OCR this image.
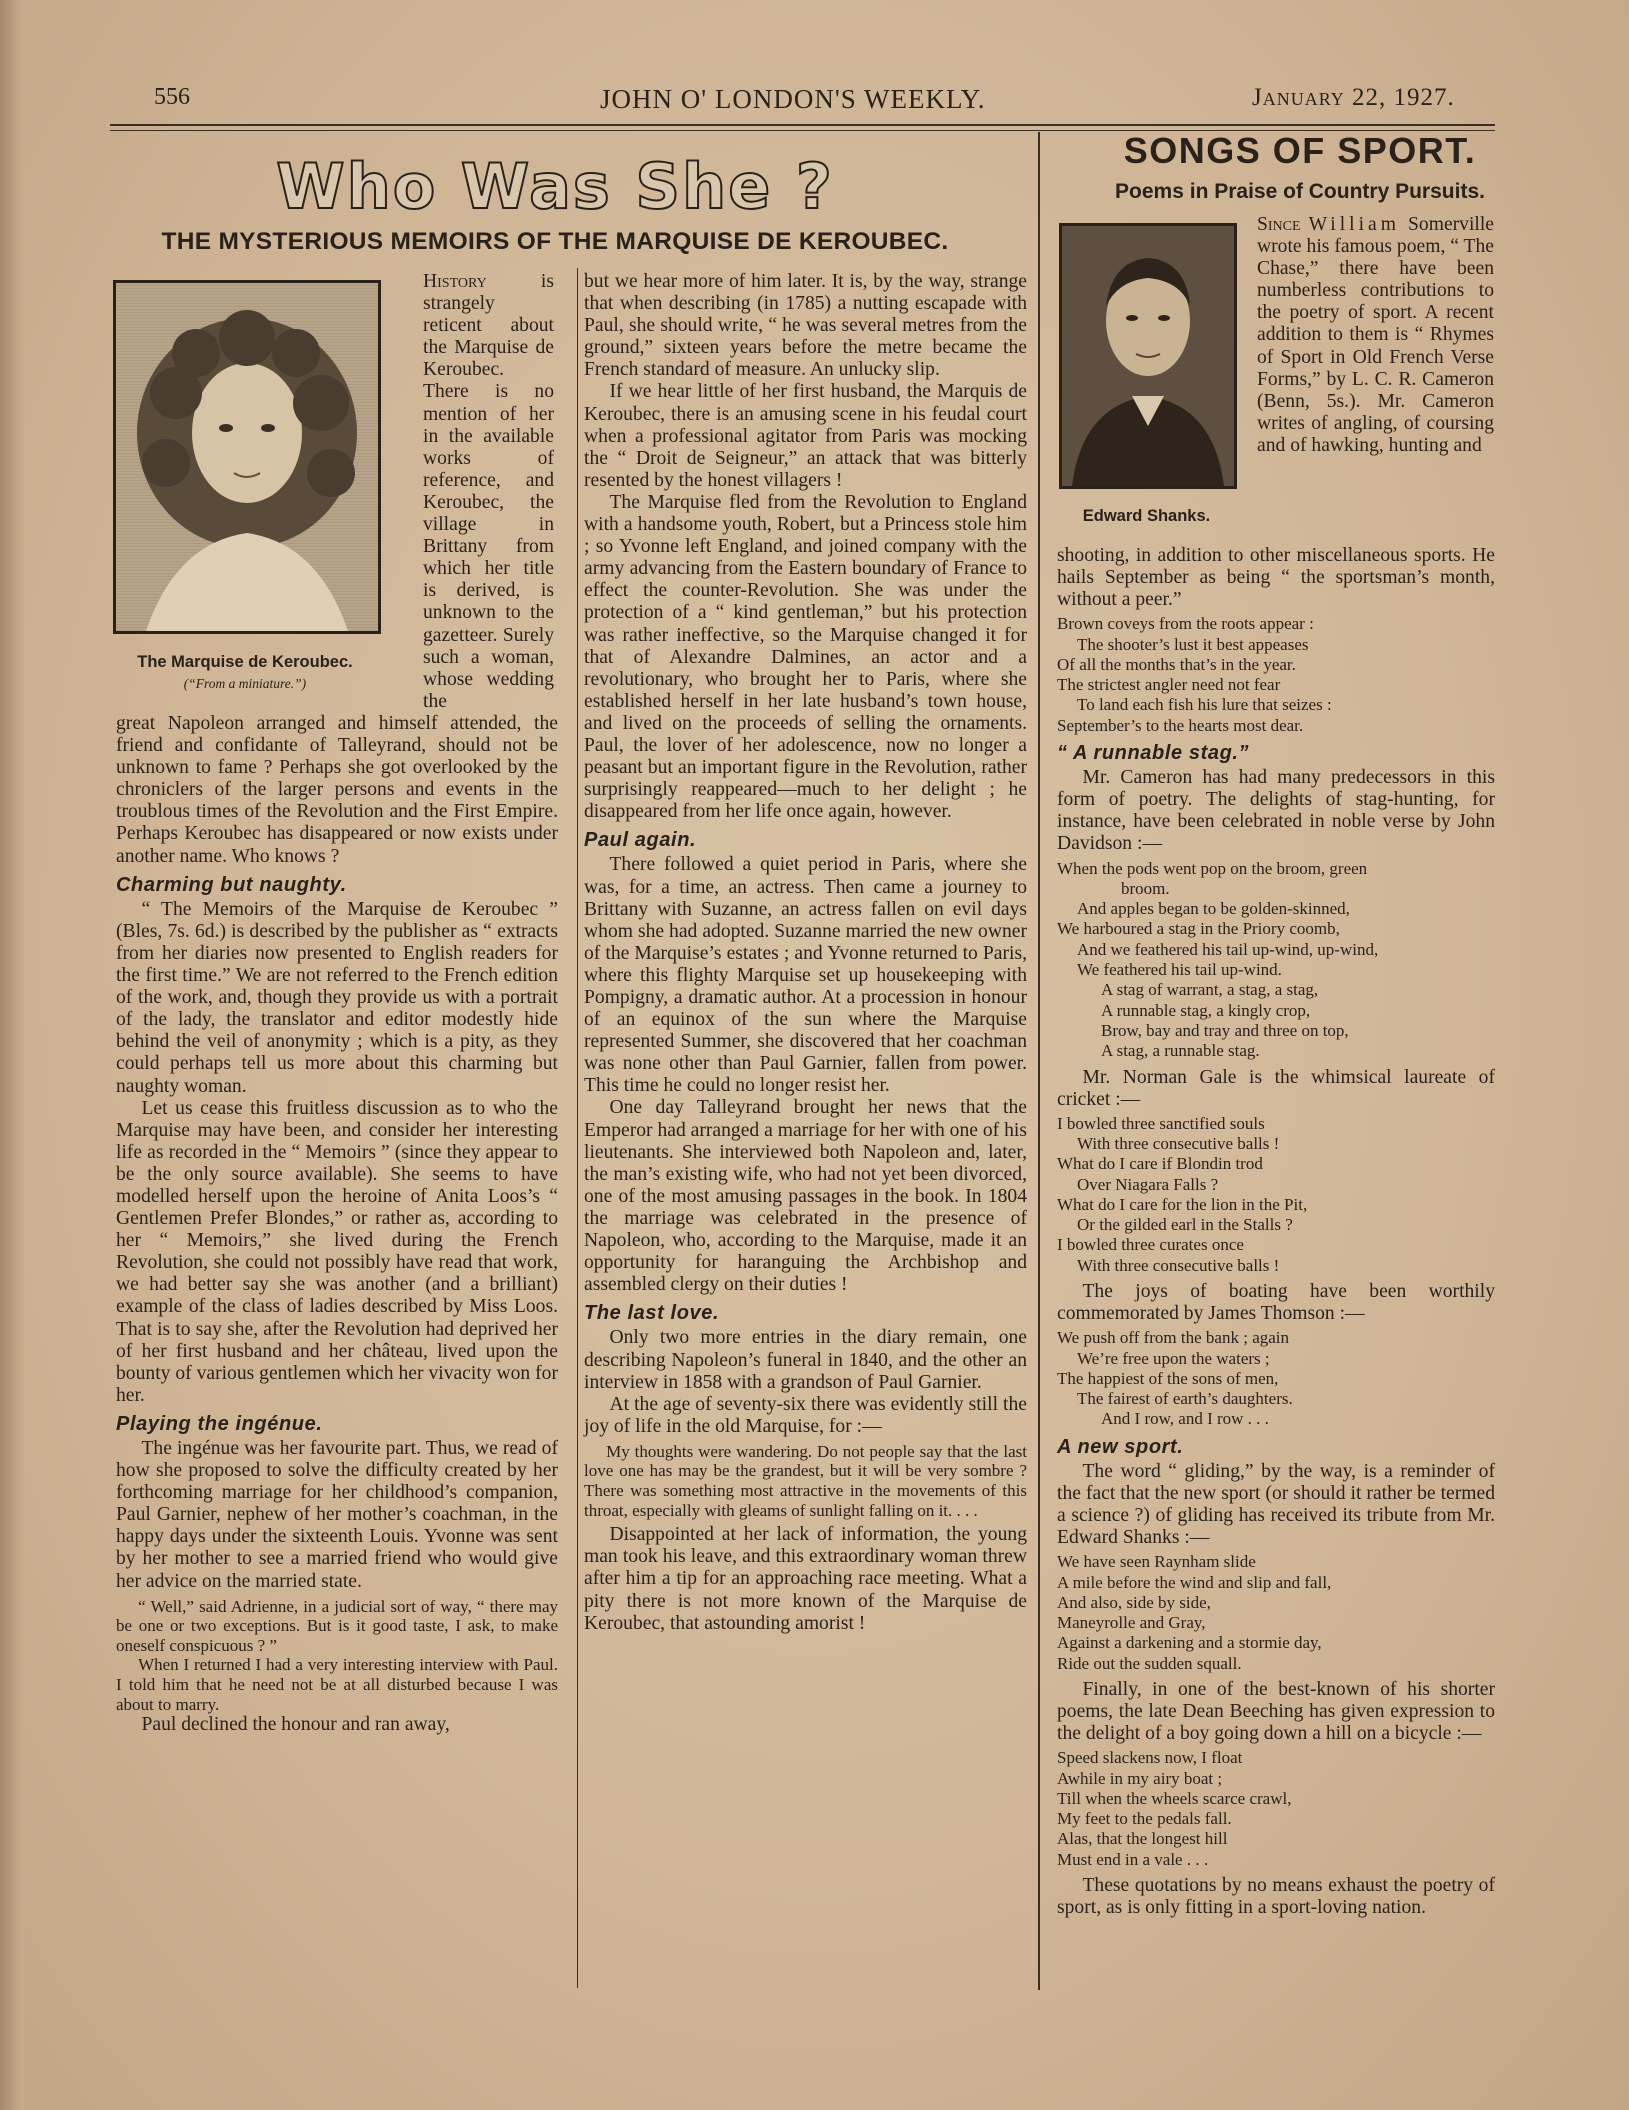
556	JOHN O' LONDON'S WEEKLY.	January 22, 1927.
Who Was She ?
THE MYSTERIOUS MEMOIRS OF THE MARQUISE DE KEROUBEC.
The Marquise de Keroubec.
(“From a miniature.”)

History	is strangely reticent about the Marquise de Keroubec. There is no mention of her in the available works of reference, and Keroubec, the village in Brittany from which her title is derived, is unknown to the gazetteer. Surely such a woman, whose wedding the

great Napoleon arranged and himself attended, the friend and confidante of Talleyrand, should not be unknown to fame ? Perhaps she got overlooked by the chroniclers of the larger persons and events in the troublous times of the Revolution and the First Empire. Perhaps Keroubec has disappeared or now exists under another name. Who knows ?

Charming but naughty.

“ The Memoirs of the Marquise de Keroubec ” (Bles, 7s. 6d.) is described by the publisher as “ extracts from her diaries now presented to English readers for the first time.” We are not referred to the French edition of the work, and, though they provide us with a portrait of the lady, the translator and editor modestly hide behind the veil of anonymity ; which is a pity, as they could perhaps tell us more about this charming but naughty woman.

Let us cease this fruitless discussion as to who the Marquise may have been, and consider her interesting life as recorded in the “ Memoirs ” (since they appear to be the only source available). She seems to have modelled herself upon the heroine of Anita Loos’s “ Gentlemen Prefer Blondes,” or rather as, according to her “ Memoirs,” she lived during the French Revolution, she could not possibly have read that work, we had better say she was another (and a brilliant) example of the class of ladies described by Miss Loos. That is to say she, after the Revolution had deprived her of her first husband and her château, lived upon the bounty of various gentlemen which her vivacity won for her.

Playing the ingénue.

The ingénue was her favourite part. Thus, we read of how she proposed to solve the difficulty created by her forthcoming marriage for her childhood’s companion, Paul Garnier, nephew of her mother’s coachman, in the happy days under the sixteenth Louis. Yvonne was sent by her mother to see a married friend who would give her advice on the married state.

“ Well,” said Adrienne, in a judicial sort of way, “ there may be one or two exceptions. But is it good taste, I ask, to make oneself conspicuous ? ”

When I returned I had a very interesting interview with Paul. I told him that he need not be at all disturbed because I was about to marry.

Paul declined the honour and ran away,

but we hear more of him later. It is, by the way, strange that when describing (in 1785) a nutting escapade with Paul, she should write, “ he was several metres from the ground,” sixteen years before the metre became the French standard of measure. An unlucky slip.

If we hear little of her first husband, the Marquis de Keroubec, there is an amusing scene in his feudal court when a professional agitator from Paris was mocking the “ Droit de Seigneur,” an attack that was bitterly resented by the honest villagers !

The Marquise fled from the Revolution to England with a handsome youth, Robert, but a Princess stole him ; so Yvonne left England, and joined company with the army advancing from the Eastern boundary of France to effect the counter-Revolution. She was under the protection of a “ kind gentleman,” but his protection was rather ineffective, so the Marquise changed it for that of Alexandre Dalmines, an actor and a revolutionary, who brought her to Paris, where she established herself in her late husband’s town house, and lived on the proceeds of selling the ornaments. Paul, the lover of her adolescence, now no longer a peasant but an important figure in the Revolution, rather surprisingly reappeared—much to her delight ; he disappeared from her life once again, however.

Paul again.

There followed a quiet period in Paris, where she was, for a time, an actress. Then came a journey to Brittany with Suzanne, an actress fallen on evil days whom she had adopted. Suzanne married the new owner of the Marquise’s estates ; and Yvonne returned to Paris, where this flighty Marquise set up housekeeping with Pompigny, a dramatic author. At a procession in honour of an equinox of the sun where the Marquise represented Summer, she discovered that her coachman was none other than Paul Garnier, fallen from power. This time he could no longer resist her.

One day Talleyrand brought her news that the Emperor had arranged a marriage for her with one of his lieutenants. She interviewed both Napoleon and, later, the man’s existing wife, who had not yet been divorced, one of the most amusing passages in the book. In 1804 the marriage was celebrated in the presence of Napoleon, who, according to the Marquise, made it an opportunity for haranguing the Archbishop and assembled clergy on their duties !

The last love.

Only two more entries in the diary remain, one describing Napoleon’s funeral in 1840, and the other an interview in 1858 with a grandson of Paul Garnier.

At the age of seventy-six there was evidently still the joy of life in the old Marquise, for :—

My thoughts were wandering. Do not people say that the last love one has may be the grandest, but it will be very sombre ? There was something most attractive in the movements of this throat, especially with gleams of sunlight falling on it. . . .

Disappointed at her lack of information, the young man took his leave, and this extraordinary woman threw after him a tip for an approaching race meeting. What a pity there is not more known of the Marquise de Keroubec, that astounding amorist !

SONGS OF SPORT.
Poems in Praise of Country Pursuits.
Edward Shanks.

Since William Somerville wrote his famous poem, “ The Chase,” there have been numberless contributions to the poetry of sport. A recent addition to them is “ Rhymes of Sport in Old French Verse Forms,” by L. C. R. Cameron (Benn, 5s.). Mr. Cameron writes of angling, of coursing and of hawking, hunting and

shooting, in addition to other miscellaneous sports. He hails September as being “ the sportsman’s month, without a peer.”

Brown coveys from the roots appear :
The shooter’s lust it best appeases
Of all the months that’s in the year.
The strictest angler need not fear
To land each fish his lure that seizes :
September’s to the hearts most dear.
“ A runnable stag.”

Mr. Cameron has had many predecessors in this form of poetry. The delights of stag-hunting, for instance, have been celebrated in noble verse by John Davidson :—

When the pods went pop on the broom, green
broom.
And apples began to be golden-skinned,
We harboured a stag in the Priory coomb,
And we feathered his tail up-wind, up-wind,
We feathered his tail up-wind.
A stag of warrant, a stag, a stag,
A runnable stag, a kingly crop,
Brow, bay and tray and three on top,
A stag, a runnable stag.

Mr. Norman Gale is the whimsical laureate of cricket :—

I bowled three sanctified souls
With three consecutive balls !
What do I care if Blondin trod
Over Niagara Falls ?
What do I care for the lion in the Pit,
Or the gilded earl in the Stalls ?
I bowled three curates once
With three consecutive balls !

The joys of boating have been worthily commemorated by James Thomson :—

We push off from the bank ; again
We’re free upon the waters ;
The happiest of the sons of men,
The fairest of earth’s daughters.
And I row, and I row . . .
A new sport.

The word “ gliding,” by the way, is a reminder of the fact that the new sport (or should it rather be termed a science ?) of gliding has received its tribute from Mr. Edward Shanks :—

We have seen Raynham slide
A mile before the wind and slip and fall,
And also, side by side,
Maneyrolle and Gray,
Against a darkening and a stormie day,
Ride out the sudden squall.

Finally, in one of the best-known of his shorter poems, the late Dean Beeching has given expression to the delight of a boy going down a hill on a bicycle :—

Speed slackens now, I float
Awhile in my airy boat ;
Till when the wheels scarce crawl,
My feet to the pedals fall.
Alas, that the longest hill
Must end in a vale . . .

These quotations by no means exhaust the poetry of sport, as is only fitting in a sport-loving nation.
